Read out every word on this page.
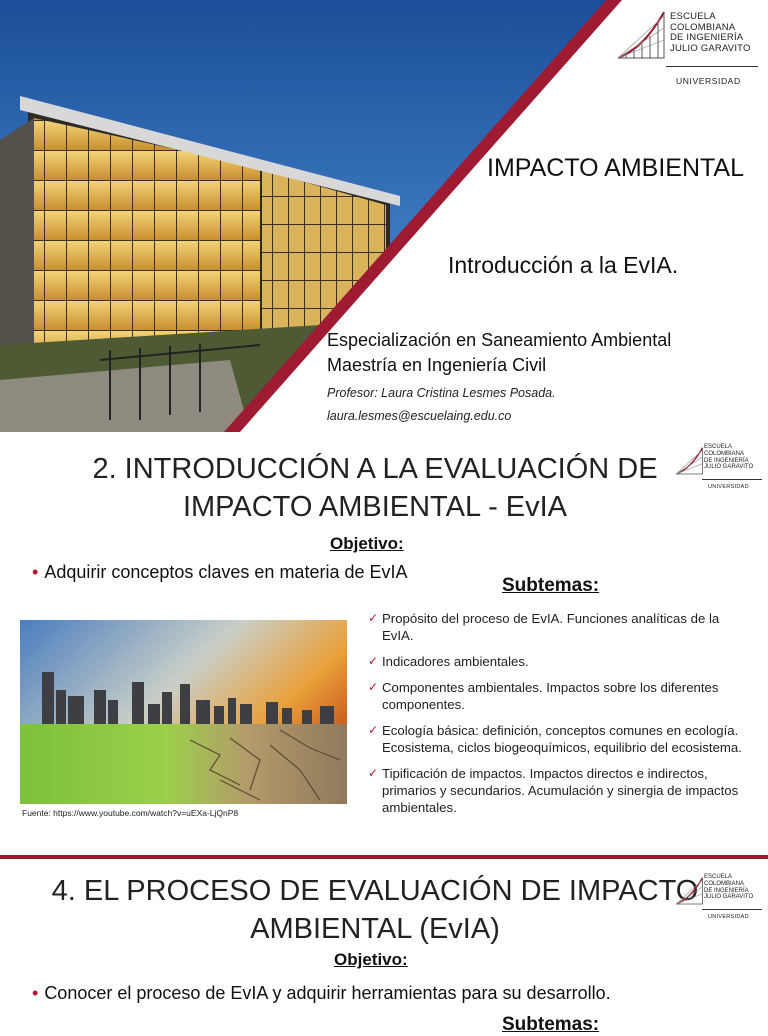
ESCUELA
COLOMBIANA
DE INGENIERÍA
JULIO GARAVITO
UNIVERSIDAD
IMPACTO AMBIENTAL
Introducción a la EvIA.
Especialización en Saneamiento Ambiental
Maestría en Ingeniería Civil
Profesor: Laura Cristina Lesmes Posada.
laura.lesmes@escuelaing.edu.co
2. INTRODUCCIÓN A LA EVALUACIÓN DE
IMPACTO AMBIENTAL - EvIA
ESCUELA
COLOMBIANA
DE INGENIERÍA
JULIO GARAVITO
UNIVERSIDAD
Objetivo:
• Adquirir conceptos claves en materia de EvIA
Subtemas:
Fuente: https://www.youtube.com/watch?v=uEXa-LjQnP8
✓ Propósito del proceso de EvIA. Funciones analíticas de la EvIA.
✓ Indicadores ambientales.
✓ Componentes ambientales. Impactos sobre los diferentes componentes.
✓ Ecología básica: definición, conceptos comunes en ecología. Ecosistema, ciclos biogeoquímicos, equilibrio del ecosistema.
✓ Tipificación de impactos. Impactos directos e indirectos, primarios y secundarios. Acumulación y sinergia de impactos ambientales.
4. EL PROCESO DE EVALUACIÓN DE IMPACTO
AMBIENTAL (EvIA)
ESCUELA
COLOMBIANA
DE INGENIERÍA
JULIO GARAVITO
UNIVERSIDAD
Objetivo:
• Conocer el proceso de EvIA y adquirir herramientas para su desarrollo.
Subtemas:
